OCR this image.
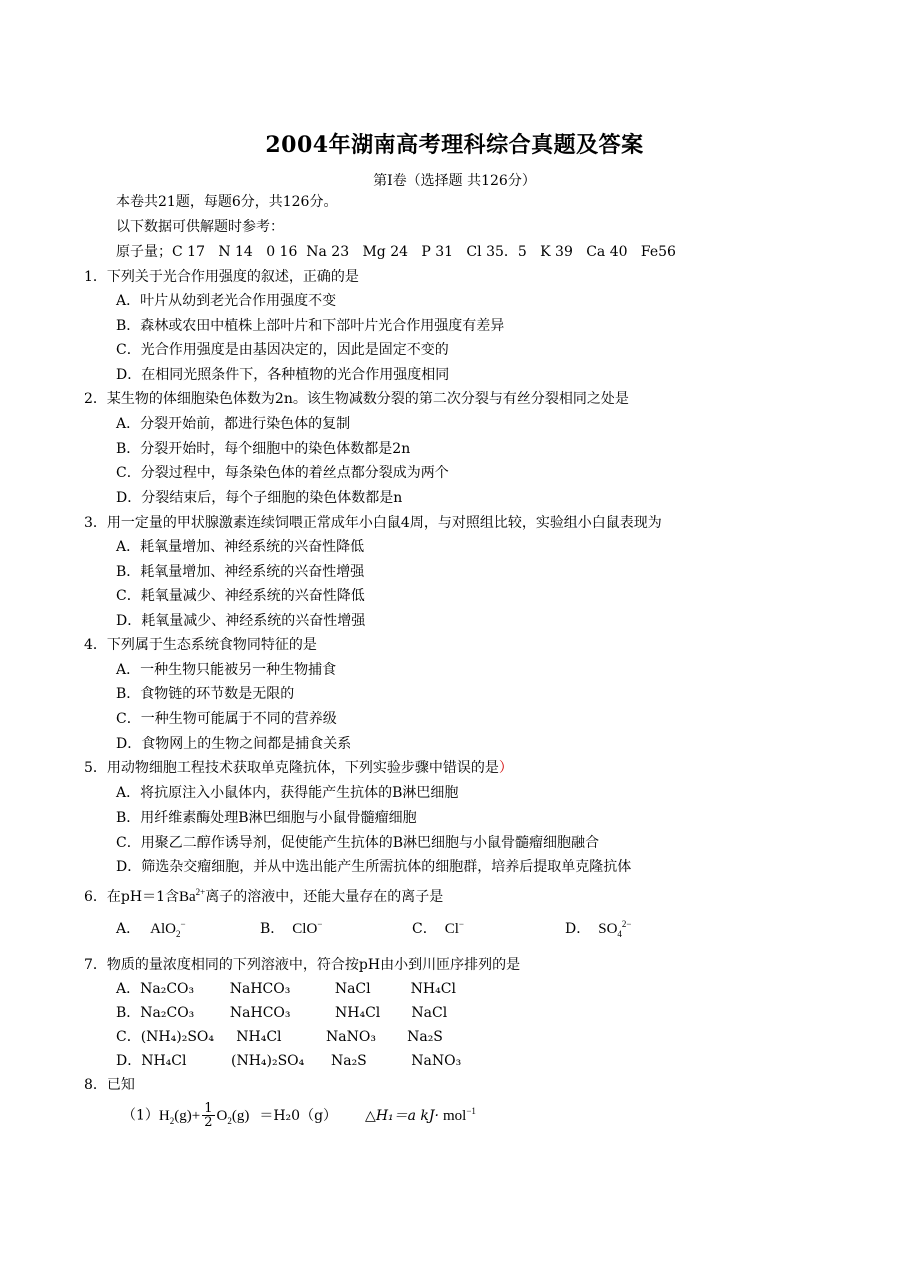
2004年湖南高考理科综合真题及答案
第Ⅰ卷（选择题 共126分）
本卷共21题，每题6分，共126分。
以下数据可供解题时参考：
原子量；C 17   N 14   0 16  Na 23   Mg 24   P 31   Cl 35．5   K 39   Ca 40   Fe56
1．下列关于光合作用强度的叙述，正确的是
A．叶片从幼到老光合作用强度不变
B．森林或农田中植株上部叶片和下部叶片光合作用强度有差异
C．光合作用强度是由基因决定的，因此是固定不变的
D．在相同光照条件下，各种植物的光合作用强度相同
2．某生物的体细胞染色体数为2n。该生物减数分裂的第二次分裂与有丝分裂相同之处是
A．分裂开始前，都进行染色体的复制
B．分裂开始时，每个细胞中的染色体数都是2n
C．分裂过程中，每条染色体的着丝点都分裂成为两个
D．分裂结束后，每个子细胞的染色体数都是n
3．用一定量的甲状腺激素连续饲喂正常成年小白鼠4周，与对照组比较，实验组小白鼠表现为
A．耗氧量增加、神经系统的兴奋性降低
B．耗氧量增加、神经系统的兴奋性增强
C．耗氧量减少、神经系统的兴奋性降低
D．耗氧量减少、神经系统的兴奋性增强
4．下列属于生态系统食物同特征的是
A．一种生物只能被另一种生物捕食
B．食物链的环节数是无限的
C．一种生物可能属于不同的营养级
D．食物网上的生物之间都是捕食关系
5．用动物细胞工程技术获取单克隆抗体，下列实验步骤中错误的是）
A．将抗原注入小鼠体内，获得能产生抗体的B淋巴细胞
B．用纤维素酶处理B淋巴细胞与小鼠骨髓瘤细胞
C．用聚乙二醇作诱导剂，促使能产生抗体的B淋巴细胞与小鼠骨髓瘤细胞融合
D．筛选杂交瘤细胞，并从中选出能产生所需抗体的细胞群，培养后提取单克隆抗体
6．在pH＝1含$Ba^{2+}$离子的溶液中，还能大量存在的离子是
A． AlO$_2$−	B． ClO−	C． Cl−	D． $SO_4^{2-}$
7．物质的量浓度相同的下列溶液中，符合按pH由小到川匝序排列的是
A．Na₂CO₃        NaHCO₃          NaCl         NH₄Cl
B．Na₂CO₃        NaHCO₃          NH₄Cl       NaCl
C．(NH₄)₂SO₄     NH₄Cl          NaNO₃       Na₂S
D．NH₄Cl          (NH₄)₂SO₄      Na₂S          NaNO₃
8．已知
$(1)H_2(g)+ \frac{1}{2} O_2(g) =H_20(g)$ △H₁＝a kJ· mol$^{-1}$
